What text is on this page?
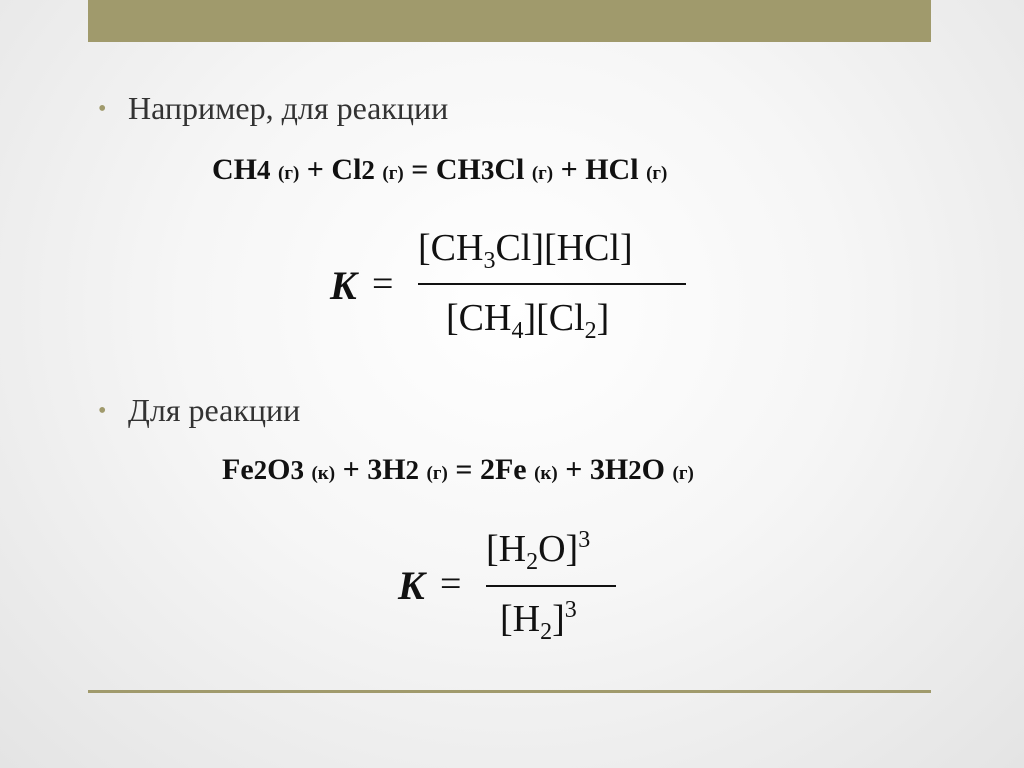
• Например, для реакции
CH4 (г) + Cl2 (г) = CH3Cl (г) + HCl (г)
K =
$[CH_3Cl][HCl]$
$[CH_4][Cl_2]$
• Для реакции
Fe2O3 (к) + 3H2 (г) = 2Fe (к) + 3H2O (г)
K =
$[H_2O]^3$
$[H_2]^3$
